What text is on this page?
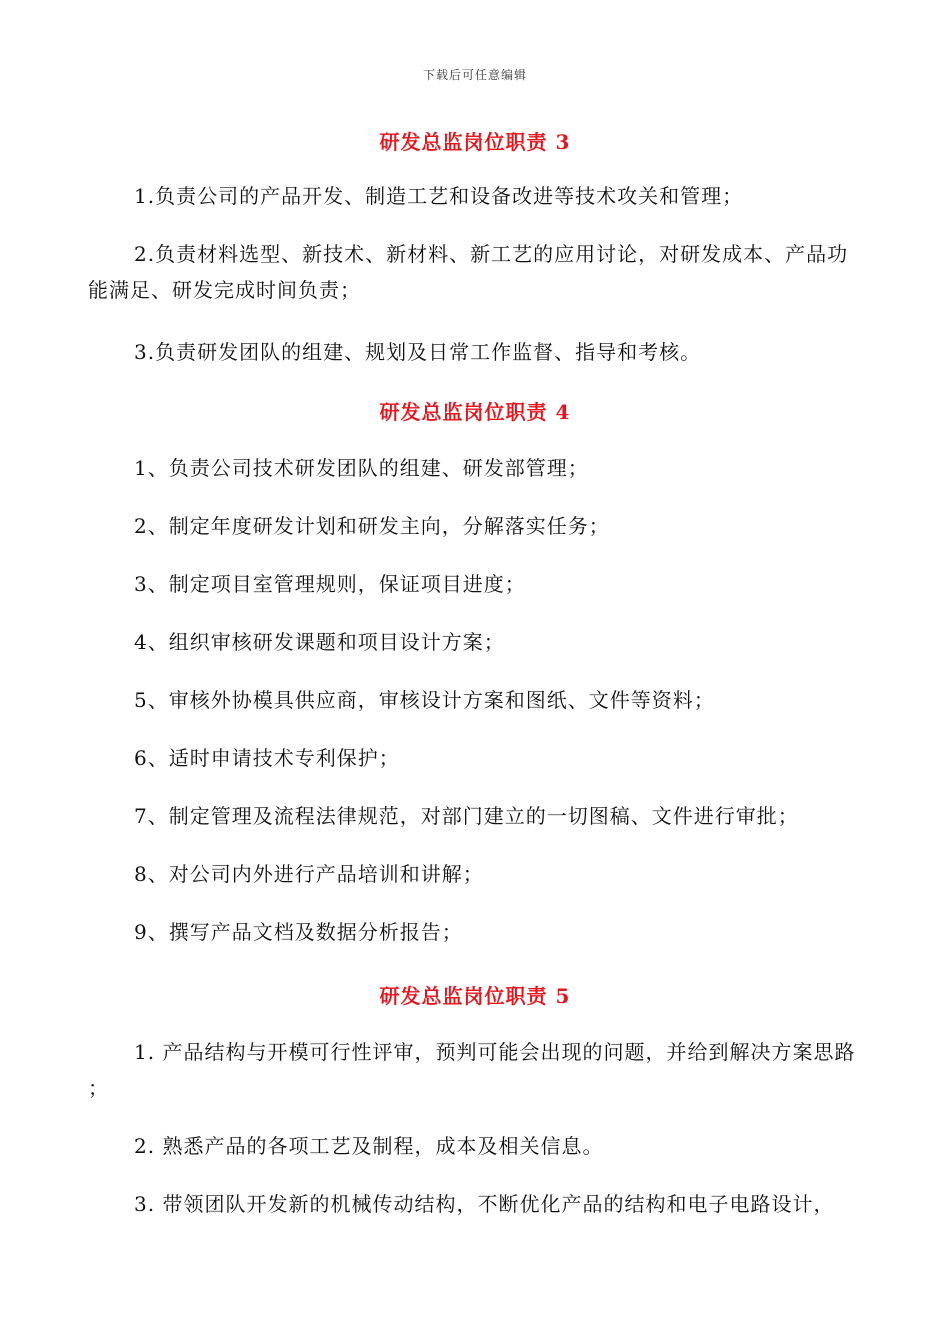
下载后可任意编辑
研发总监岗位职责 3
1.负责公司的产品开发、制造工艺和设备改进等技术攻关和管理；
2.负责材料选型、新技术、新材料、新工艺的应用讨论，对研发成本、产品功能满足、研发完成时间负责；
3.负责研发团队的组建、规划及日常工作监督、指导和考核。
研发总监岗位职责 4
1、负责公司技术研发团队的组建、研发部管理；
2、制定年度研发计划和研发主向，分解落实任务；
3、制定项目室管理规则，保证项目进度；
4、组织审核研发课题和项目设计方案；
5、审核外协模具供应商，审核设计方案和图纸、文件等资料；
6、适时申请技术专利保护；
7、制定管理及流程法律规范，对部门建立的一切图稿、文件进行审批；
8、对公司内外进行产品培训和讲解；
9、撰写产品文档及数据分析报告；
研发总监岗位职责 5
1. 产品结构与开模可行性评审，预判可能会出现的问题，并给到解决方案思路 ；
2. 熟悉产品的各项工艺及制程，成本及相关信息。
3. 带领团队开发新的机械传动结构，不断优化产品的结构和电子电路设计，
